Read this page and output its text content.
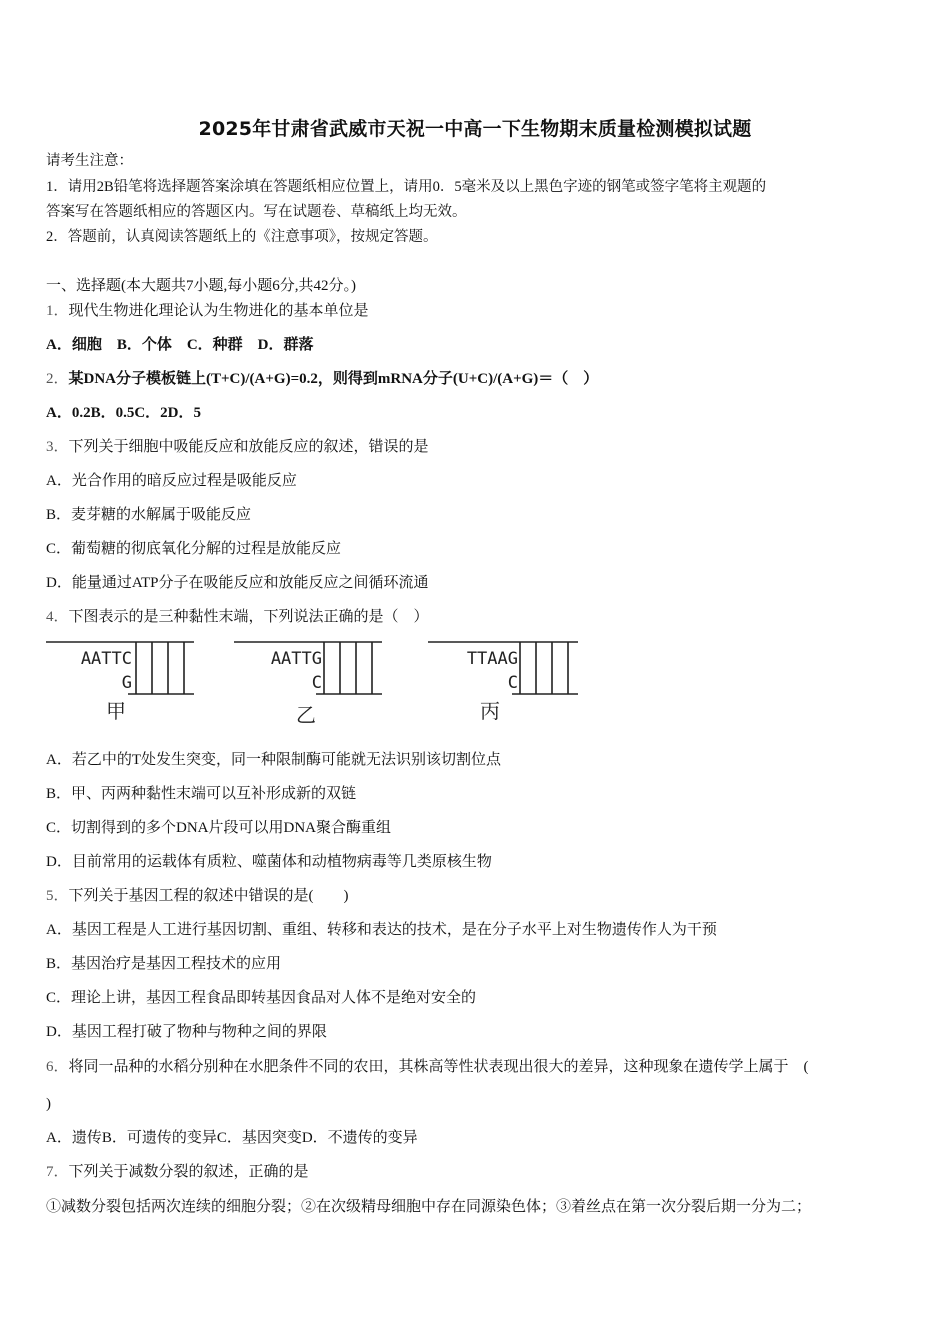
2025年甘肃省武威市天祝一中高一下生物期末质量检测模拟试题
请考生注意：
1．请用2B铅笔将选择题答案涂填在答题纸相应位置上，请用0．5毫米及以上黑色字迹的钢笔或签字笔将主观题的
答案写在答题纸相应的答题区内。写在试题卷、草稿纸上均无效。
2．答题前，认真阅读答题纸上的《注意事项》，按规定答题。
一、选择题(本大题共7小题,每小题6分,共42分。)
1．现代生物进化理论认为生物进化的基本单位是
A．细胞　B．个体　C．种群　D．群落
2．某DNA分子模板链上(T+C)/(A+G)=0.2，则得到mRNA分子(U+C)/(A+G)＝（　）
A．0.2B．0.5C．2D．5
3．下列关于细胞中吸能反应和放能反应的叙述，错误的是
A．光合作用的暗反应过程是吸能反应
B．麦芽糖的水解属于吸能反应
C．葡萄糖的彻底氧化分解的过程是放能反应
D．能量通过ATP分子在吸能反应和放能反应之间循环流通
4．下图表示的是三种黏性末端，下列说法正确的是（　）
AATTC
G
甲
AATTG
C
乙
TTAAG
C
丙
A．若乙中的T处发生突变，同一种限制酶可能就无法识别该切割位点
B．甲、丙两种黏性末端可以互补形成新的双链
C．切割得到的多个DNA片段可以用DNA聚合酶重组
D．目前常用的运载体有质粒、噬菌体和动植物病毒等几类原核生物
5．下列关于基因工程的叙述中错误的是(　　)
A．基因工程是人工进行基因切割、重组、转移和表达的技术，是在分子水平上对生物遗传作人为干预
B．基因治疗是基因工程技术的应用
C．理论上讲，基因工程食品即转基因食品对人体不是绝对安全的
D．基因工程打破了物种与物种之间的界限
6．将同一品种的水稻分别种在水肥条件不同的农田，其株高等性状表现出很大的差异，这种现象在遗传学上属于　(
)
A．遗传B．可遗传的变异C．基因突变D．不遗传的变异
7．下列关于减数分裂的叙述，正确的是
①减数分裂包括两次连续的细胞分裂；②在次级精母细胞中存在同源染色体；③着丝点在第一次分裂后期一分为二；
